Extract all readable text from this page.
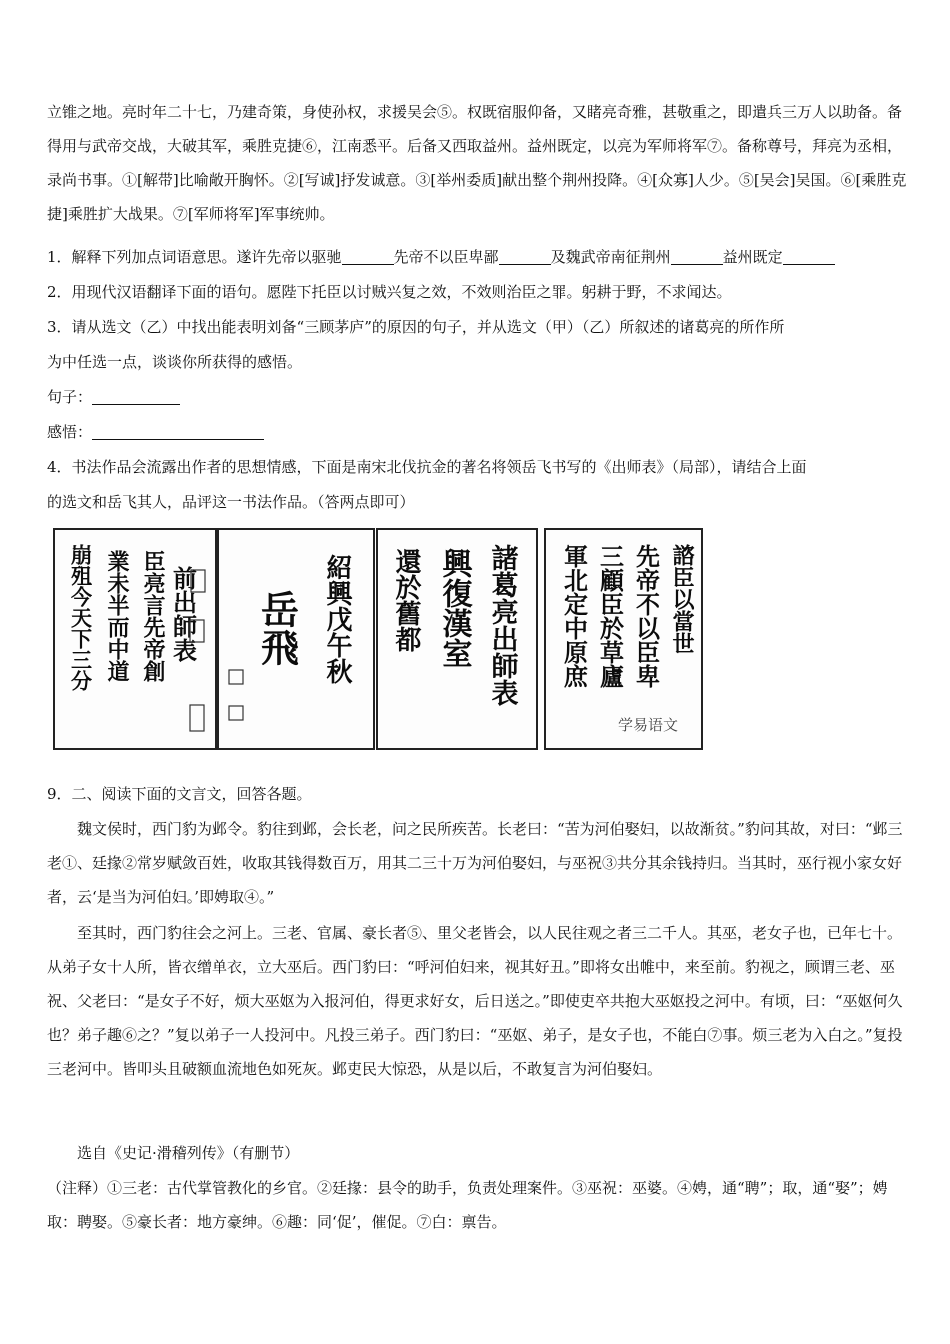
立锥之地。亮时年二十七，乃建奇策，身使孙权，求援吴会⑤。权既宿服仰备，又睹亮奇雅，甚敬重之，即遣兵三万人以助备。备得用与武帝交战，大破其军，乘胜克捷⑥，江南悉平。后备又西取益州。益州既定，以亮为军师将军⑦。备称尊号，拜亮为丞相，录尚书事。①[解带]比喻敞开胸怀。②[写诚]抒发诚意。③[举州委质]献出整个荆州投降。④[众寡]人少。⑤[吴会]吴国。⑥[乘胜克捷]乘胜扩大战果。⑦[军师将军]军事统帅。

1．解释下列加点词语意思。遂许先帝以驱驰	先帝不以臣卑鄙	及魏武帝南征荆州	益州既定
2．用现代汉语翻译下面的语句。愿陛下托臣以讨贼兴复之效，不效则治臣之罪。躬耕于野，不求闻达。
3．请从选文（乙）中找出能表明刘备“三顾茅庐”的原因的句子，并从选文（甲）（乙）所叙述的诸葛亮的所作所
为中任选一点，谈谈你所获得的感悟。
句子：
感悟：
4．书法作品会流露出作者的思想情感，下面是南宋北伐抗金的著名将领岳飞书写的《出师表》（局部），请结合上面
的选文和岳飞其人，品评这一书法作品。（答两点即可）
前出師表
臣亮言先帝創
業未半而中道
崩殂今天下三分	紹興戊午秋
岳飛	還於舊都 興復漢室 諸葛亮出師表 軍北定中原庶 三顧臣於草廬 先帝不以臣卑 諮臣以當世
学易语文
9．二、阅读下面的文言文，回答各题。

魏文侯时，西门豹为邺令。豹往到邺，会长老，问之民所疾苦。长老曰：“苦为河伯娶妇，以故渐贫。”豹问其故，对曰：“邺三老①、廷掾②常岁赋敛百姓，收取其钱得数百万，用其二三十万为河伯娶妇，与巫祝③共分其余钱持归。当其时，巫行视小家女好者，云‘是当为河伯妇。’即娉取④。”

至其时，西门豹往会之河上。三老、官属、豪长者⑤、里父老皆会，以人民往观之者三二千人。其巫，老女子也，已年七十。从弟子女十人所，皆衣缯单衣，立大巫后。西门豹曰：“呼河伯妇来，视其好丑。”即将女出帷中，来至前。豹视之，顾谓三老、巫祝、父老曰：“是女子不好，烦大巫妪为入报河伯，得更求好女，后日送之。”即使吏卒共抱大巫妪投之河中。有顷，曰：“巫妪何久也？弟子趣⑥之？”复以弟子一人投河中。凡投三弟子。西门豹曰：“巫妪、弟子，是女子也，不能白⑦事。烦三老为入白之。”复投三老河中。皆叩头且破额血流地色如死灰。邺吏民大惊恐，从是以后，不敢复言为河伯娶妇。

选自《史记·滑稽列传》（有删节）

（注释）①三老：古代掌管教化的乡官。②廷掾：县令的助手，负责处理案件。③巫祝：巫婆。④娉，通“聘”；取，通“娶”；娉取：聘娶。⑤豪长者：地方豪绅。⑥趣：同‘促’，催促。⑦白：禀告。
